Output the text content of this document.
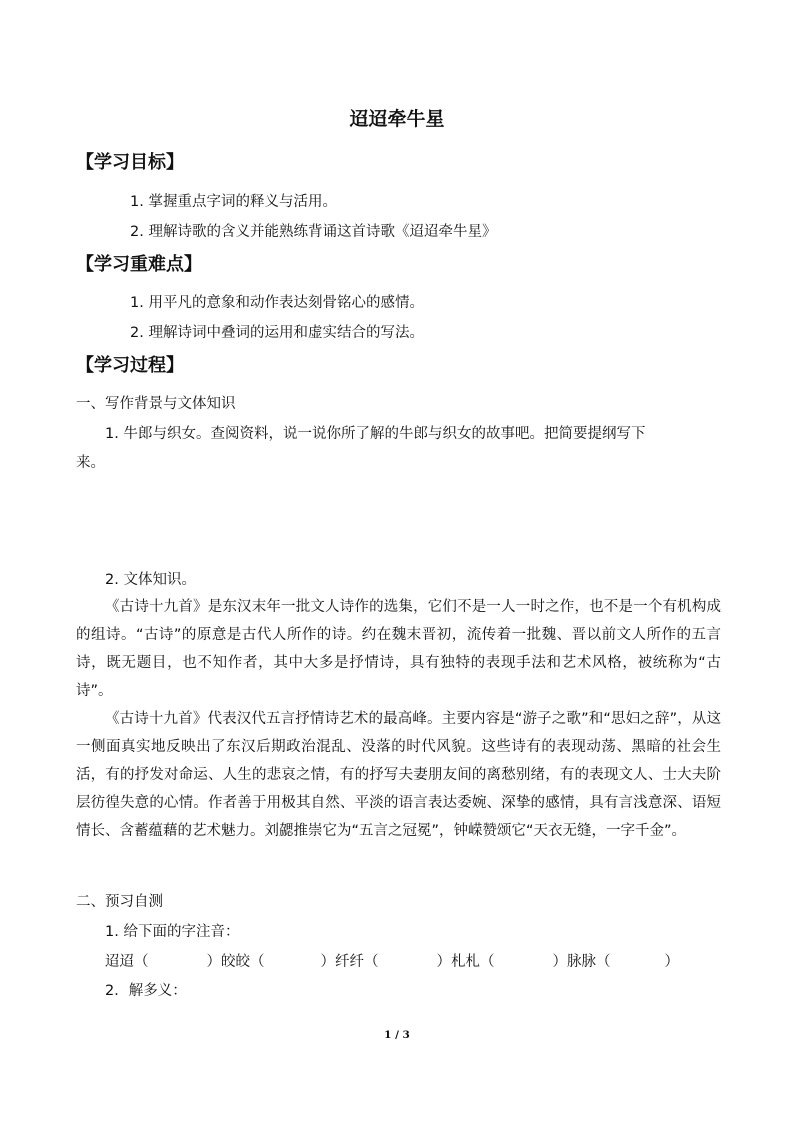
迢迢牵牛星
【学习目标】
1. 掌握重点字词的释义与活用。
2. 理解诗歌的含义并能熟练背诵这首诗歌《迢迢牵牛星》
【学习重难点】
1. 用平凡的意象和动作表达刻骨铭心的感情。
2. 理解诗词中叠词的运用和虚实结合的写法。
【学习过程】
一、写作背景与文体知识
1. 牛郎与织女。查阅资料，说一说你所了解的牛郎与织女的故事吧。把简要提纲写下
来。
2. 文体知识。
《古诗十九首》是东汉末年一批文人诗作的选集，它们不是一人一时之作，也不是一个有机构成的组诗。“古诗”的原意是古代人所作的诗。约在魏末晋初，流传着一批魏、晋以前文人所作的五言诗，既无题目，也不知作者，其中大多是抒情诗，具有独特的表现手法和艺术风格，被统称为“古诗”。
《古诗十九首》代表汉代五言抒情诗艺术的最高峰。主要内容是“游子之歌”和“思妇之辞”，从这一侧面真实地反映出了东汉后期政治混乱、没落的时代风貌。这些诗有的表现动荡、黑暗的社会生活，有的抒发对命运、人生的悲哀之情，有的抒写夫妻朋友间的离愁别绪，有的表现文人、士大夫阶层彷徨失意的心情。作者善于用极其自然、平淡的语言表达委婉、深挚的感情，具有言浅意深、语短情长、含蓄蕴藉的艺术魅力。刘勰推崇它为“五言之冠冕”，钟嵘赞颂它“天衣无缝，一字千金”。
二、预习自测
1. 给下面的字注音：
迢迢（	）皎皎（	）纤纤（	）札札（	）脉脉（	）
2．解多义：
1 / 3
